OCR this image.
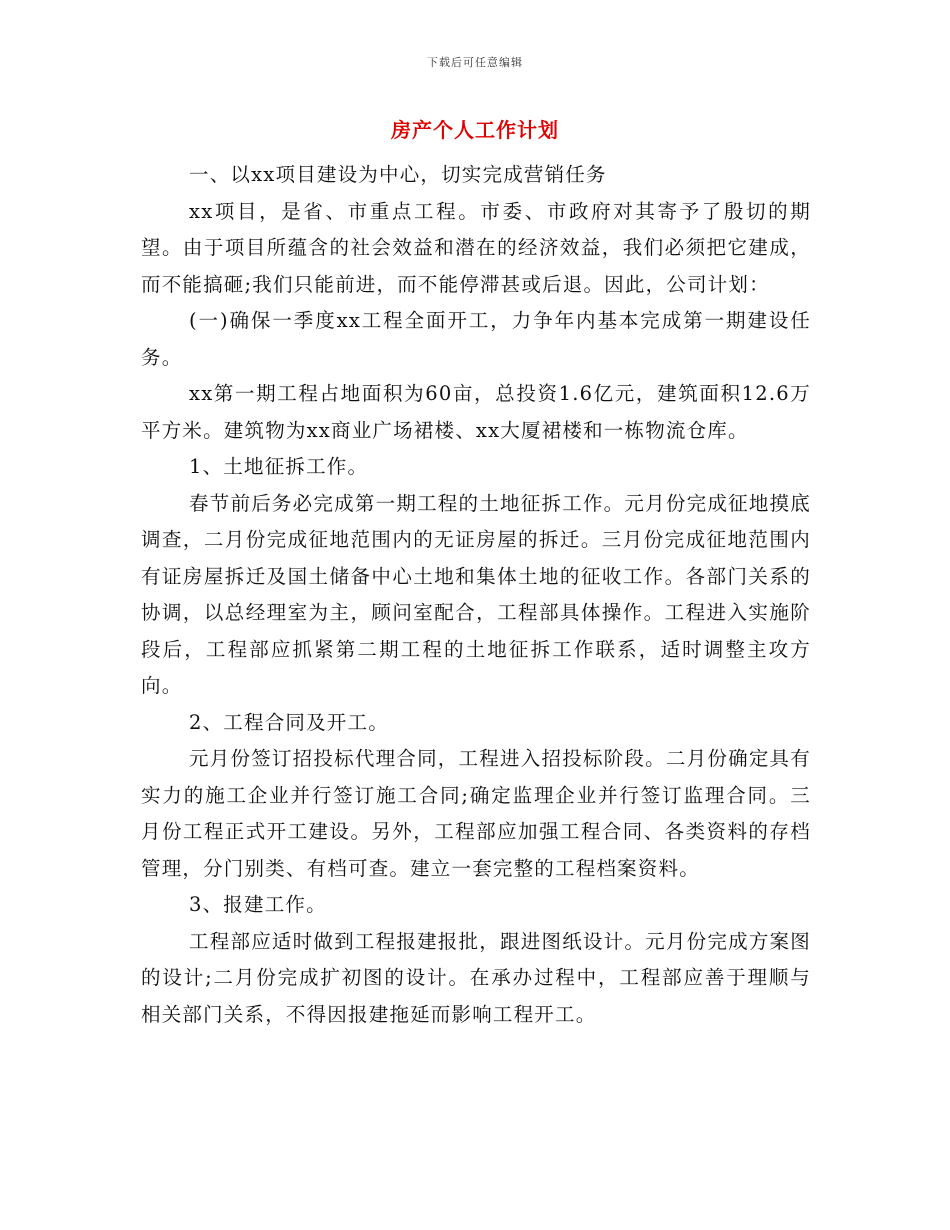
下载后可任意编辑
房产个人工作计划

一、以xx项目建设为中心，切实完成营销任务

xx项目，是省、市重点工程。市委、市政府对其寄予了殷切的期望。由于项目所蕴含的社会效益和潜在的经济效益，我们必须把它建成，而不能搞砸;我们只能前进，而不能停滞甚或后退。因此，公司计划：

(一)确保一季度xx工程全面开工，力争年内基本完成第一期建设任务。

xx第一期工程占地面积为60亩，总投资1.6亿元，建筑面积12.6万平方米。建筑物为xx商业广场裙楼、xx大厦裙楼和一栋物流仓库。

1、土地征拆工作。

春节前后务必完成第一期工程的土地征拆工作。元月份完成征地摸底调查，二月份完成征地范围内的无证房屋的拆迁。三月份完成征地范围内有证房屋拆迁及国土储备中心土地和集体土地的征收工作。各部门关系的协调，以总经理室为主，顾问室配合，工程部具体操作。工程进入实施阶段后，工程部应抓紧第二期工程的土地征拆工作联系，适时调整主攻方向。

2、工程合同及开工。

元月份签订招投标代理合同，工程进入招投标阶段。二月份确定具有实力的施工企业并行签订施工合同;确定监理企业并行签订监理合同。三月份工程正式开工建设。另外，工程部应加强工程合同、各类资料的存档管理，分门别类、有档可查。建立一套完整的工程档案资料。

3、报建工作。

工程部应适时做到工程报建报批，跟进图纸设计。元月份完成方案图的设计;二月份完成扩初图的设计。在承办过程中，工程部应善于理顺与相关部门关系，不得因报建拖延而影响工程开工。
